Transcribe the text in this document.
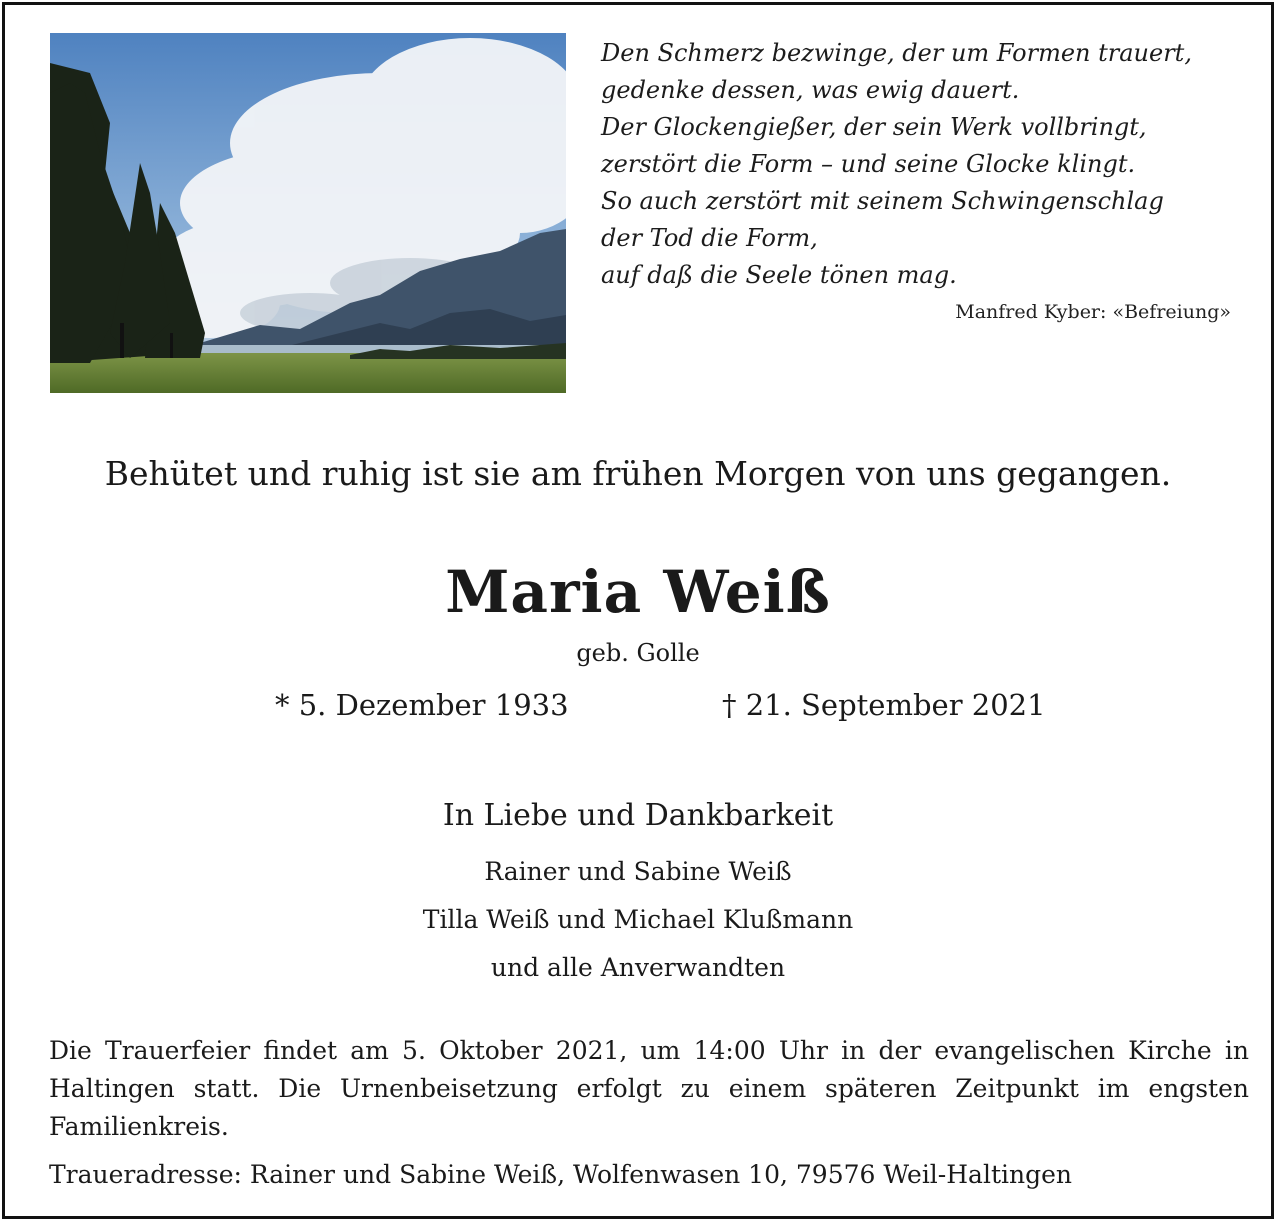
Den Schmerz bezwinge, der um Formen trauert,
gedenke dessen, was ewig dauert.
Der Glockengießer, der sein Werk vollbringt,
zerstört die Form – und seine Glocke klingt.
So auch zerstört mit seinem Schwingenschlag
der Tod die Form,
auf daß die Seele tönen mag.
Manfred Kyber: «Befreiung»
Behütet und ruhig ist sie am frühen Morgen von uns gegangen.
Maria Weiß
geb. Golle
* 5. Dezember 1933	† 21. September 2021
In Liebe und Dankbarkeit
Rainer und Sabine Weiß
Tilla Weiß und Michael Klußmann
und alle Anverwandten
Die Trauerfeier findet am 5. Oktober 2021, um 14:00 Uhr in der evangelischen Kirche in Haltingen statt. Die Urnenbeisetzung erfolgt zu einem späteren Zeitpunkt im engsten Familienkreis.
Traueradresse: Rainer und Sabine Weiß, Wolfenwasen 10, 79576 Weil-Haltingen
